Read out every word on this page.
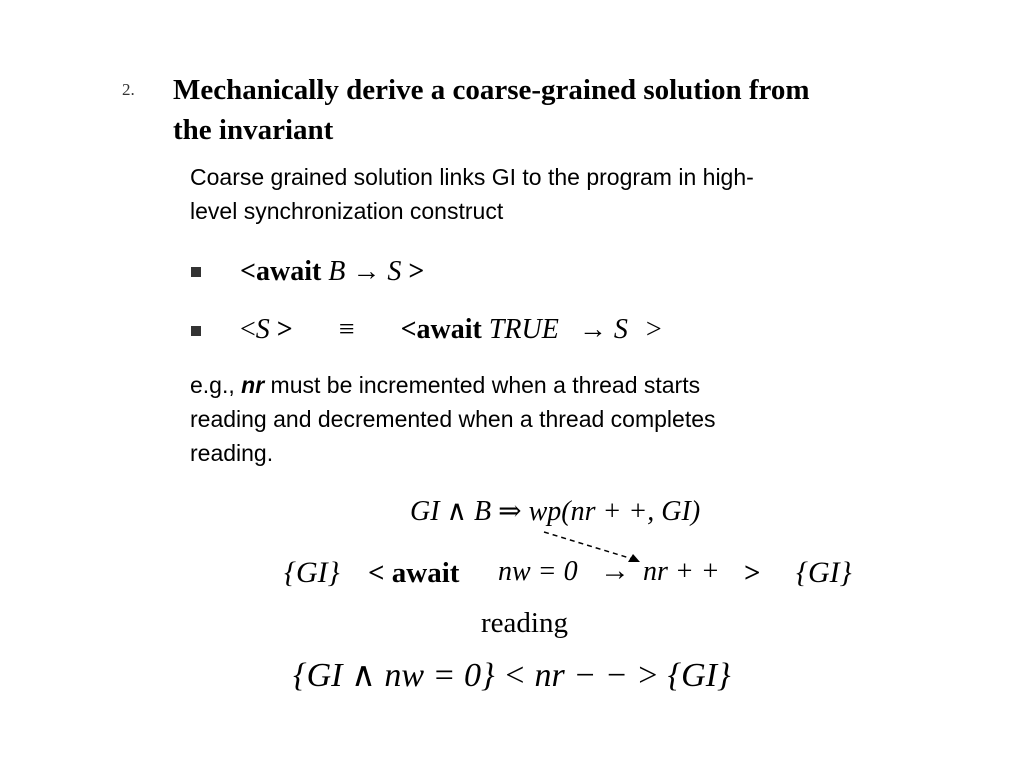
2. Mechanically derive a coarse-grained solution from
the invariant
Coarse grained solution links GI to the program in high-
level synchronization construct
<await B → S >
<S > ≡ <await TRUE → S >
e.g., nr must be incremented when a thread starts
reading and decremented when a thread completes
reading.
GI ∧ B ⇒ wp(nr + +, GI)
{GI} < await nw = 0 → nr + + > {GI}
reading
{GI ∧ nw = 0} < nr − − > {GI}
